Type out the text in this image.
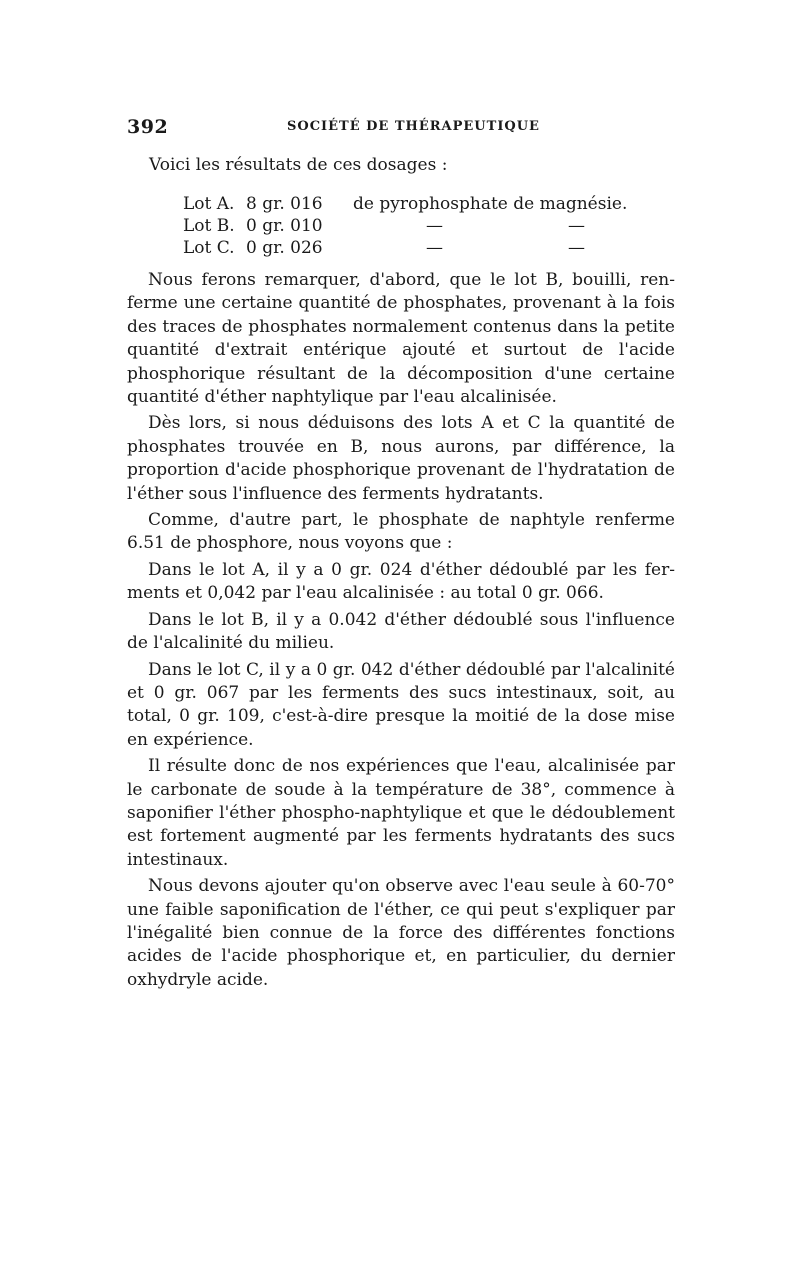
392	SOCIÉTÉ DE THÉRAPEUTIQUE
Voici les résultats de ces dosages :
Lot A. 8 gr. 016 de pyrophosphate de magnésie.
Lot B. 0 gr. 010	—	—
Lot C. 0 gr. 026	—	—

Nous ferons remarquer, d'abord, que le lot B, bouilli, renferme une certaine quantité de phosphates, provenant à la fois des traces de phosphates normalement contenus dans la petite quantité d'extrait entérique ajouté et surtout de l'acide phosphorique résultant de la décomposition d'une certaine quantité d'éther naphtylique par l'eau alcalinisée.

Dès lors, si nous déduisons des lots A et C la quantité de phosphates trouvée en B, nous aurons, par différence, la proportion d'acide phosphorique provenant de l'hydratation de l'éther sous l'influence des ferments hydratants.

Comme, d'autre part, le phosphate de naphtyle renferme 6.51 de phosphore, nous voyons que :

Dans le lot A, il y a 0 gr. 024 d'éther dédoublé par les ferments et 0,042 par l'eau alcalinisée : au total 0 gr. 066.

Dans le lot B, il y a 0.042 d'éther dédoublé sous l'influence de l'alcalinité du milieu.

Dans le lot C, il y a 0 gr. 042 d'éther dédoublé par l'alcalinité et 0 gr. 067 par les ferments des sucs intestinaux, soit, au total, 0 gr. 109, c'est-à-dire presque la moitié de la dose mise en expérience.

Il résulte donc de nos expériences que l'eau, alcalinisée par le carbonate de soude à la température de 38°, commence à saponifier l'éther phospho-naphtylique et que le dédoublement est fortement augmenté par les ferments hydratants des sucs intestinaux.

Nous devons ajouter qu'on observe avec l'eau seule à 60-70° une faible saponification de l'éther, ce qui peut s'expliquer par l'inégalité bien connue de la force des différentes fonctions acides de l'acide phosphorique et, en particulier, du dernier oxhydryle acide.
